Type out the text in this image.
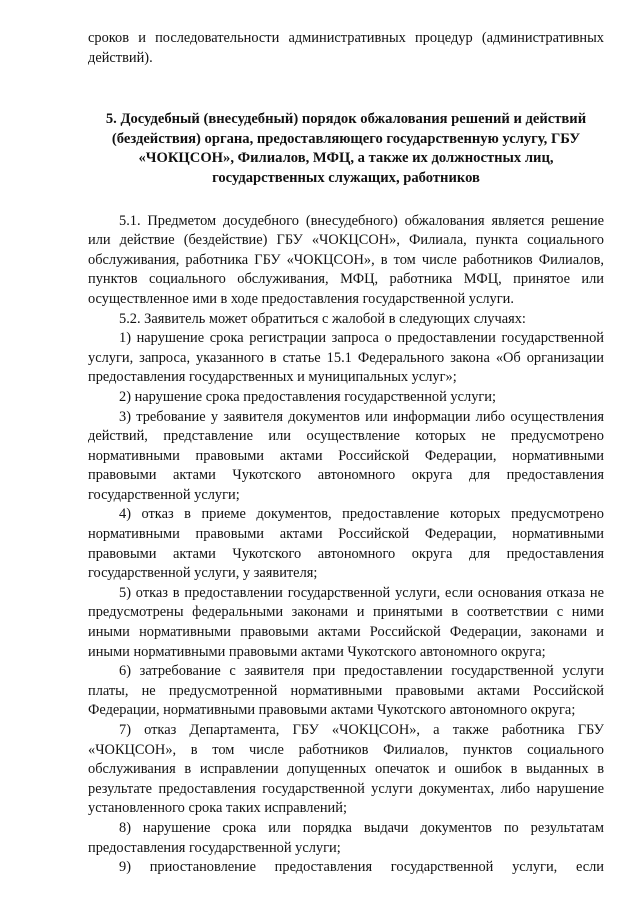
сроков и последовательности административных процедур (административных действий).

5. Досудебный (внесудебный) порядок обжалования решений и действий (бездействия) органа, предоставляющего государственную услугу, ГБУ «ЧОКЦСОН», Филиалов, МФЦ, а также их должностных лиц, государственных служащих, работников

5.1. Предметом досудебного (внесудебного) обжалования является решение или действие (бездействие) ГБУ «ЧОКЦСОН», Филиала, пункта социального обслуживания, работника ГБУ «ЧОКЦСОН», в том числе работников Филиалов, пунктов социального обслуживания, МФЦ, работника МФЦ, принятое или осуществленное ими в ходе предоставления государственной услуги.

5.2. Заявитель может обратиться с жалобой в следующих случаях:

1) нарушение срока регистрации запроса о предоставлении государственной услуги, запроса, указанного в статье 15.1 Федерального закона «Об организации предоставления государственных и муниципальных услуг»;

2) нарушение срока предоставления государственной услуги;

3) требование у заявителя документов или информации либо осуществления действий, представление или осуществление которых не предусмотрено нормативными правовыми актами Российской Федерации, нормативными правовыми актами Чукотского автономного округа для предоставления государственной услуги;

4) отказ в приеме документов, предоставление которых предусмотрено нормативными правовыми актами Российской Федерации, нормативными правовыми актами Чукотского автономного округа для предоставления государственной услуги, у заявителя;

5) отказ в предоставлении государственной услуги, если основания отказа не предусмотрены федеральными законами и принятыми в соответствии с ними иными нормативными правовыми актами Российской Федерации, законами и иными нормативными правовыми актами Чукотского автономного округа;

6) затребование с заявителя при предоставлении государственной услуги платы, не предусмотренной нормативными правовыми актами Российской Федерации, нормативными правовыми актами Чукотского автономного округа;

7) отказ Департамента, ГБУ «ЧОКЦСОН», а также работника ГБУ «ЧОКЦСОН», в том числе работников Филиалов, пунктов социального обслуживания в исправлении допущенных опечаток и ошибок в выданных в результате предоставления государственной услуги документах, либо нарушение установленного срока таких исправлений;

8) нарушение срока или порядка выдачи документов по результатам предоставления государственной услуги;

9) приостановление предоставления государственной услуги, если
